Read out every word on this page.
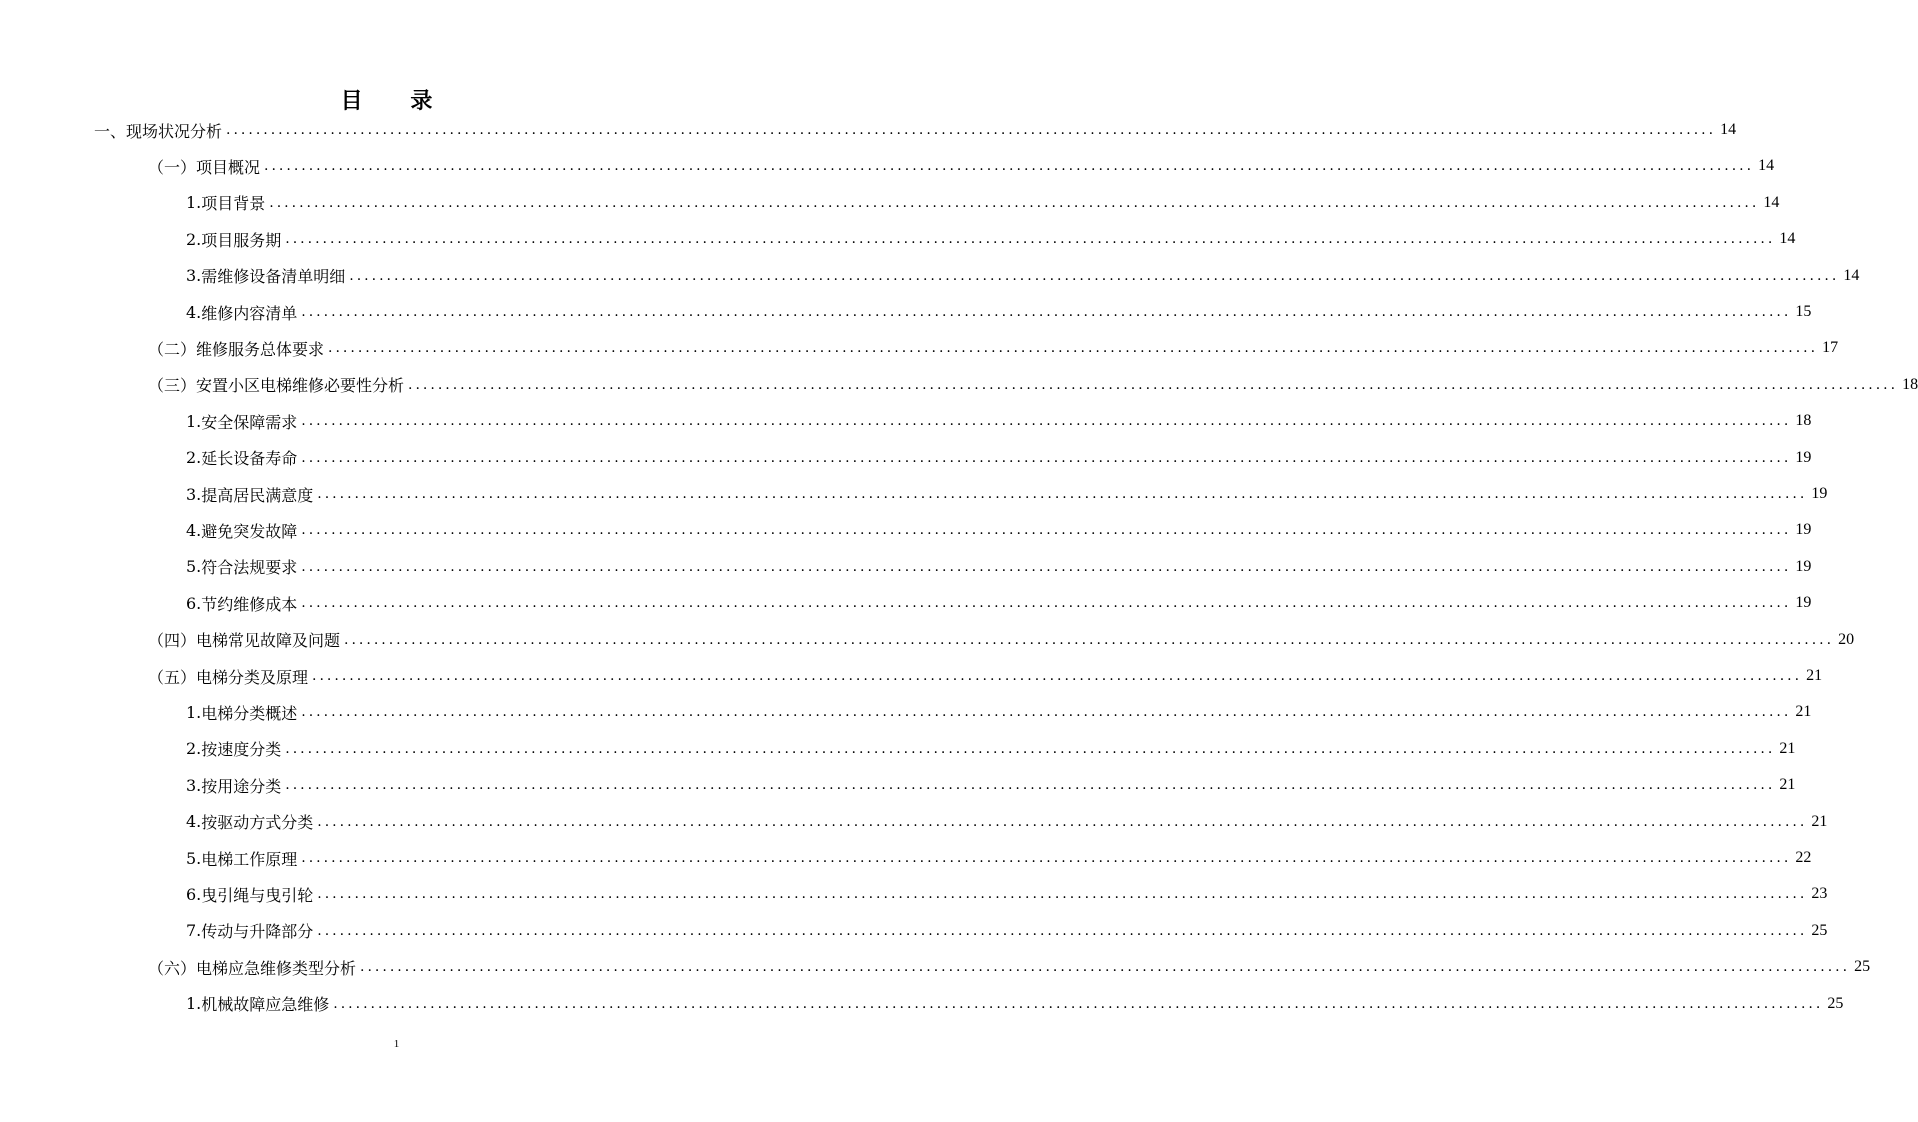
目 录
一、 现场状况分析 ........................................................................................................................................................................................................ 14
（一） 项目概况 ........................................................................................................................................................................................................ 14
1. 项目背景 ........................................................................................................................................................................................................ 14
2. 项目服务期 ........................................................................................................................................................................................................ 14
3. 需维修设备清单明细 ........................................................................................................................................................................................................ 14
4. 维修内容清单 ........................................................................................................................................................................................................ 15
（二） 维修服务总体要求 ........................................................................................................................................................................................................ 17
（三） 安置小区电梯维修必要性分析 ........................................................................................................................................................................................................ 18
1. 安全保障需求 ........................................................................................................................................................................................................ 18
2. 延长设备寿命 ........................................................................................................................................................................................................ 19
3. 提高居民满意度 ........................................................................................................................................................................................................ 19
4. 避免突发故障 ........................................................................................................................................................................................................ 19
5. 符合法规要求 ........................................................................................................................................................................................................ 19
6. 节约维修成本 ........................................................................................................................................................................................................ 19
（四） 电梯常见故障及问题 ........................................................................................................................................................................................................ 20
（五） 电梯分类及原理 ........................................................................................................................................................................................................ 21
1. 电梯分类概述 ........................................................................................................................................................................................................ 21
2. 按速度分类 ........................................................................................................................................................................................................ 21
3. 按用途分类 ........................................................................................................................................................................................................ 21
4. 按驱动方式分类 ........................................................................................................................................................................................................ 21
5. 电梯工作原理 ........................................................................................................................................................................................................ 22
6. 曳引绳与曳引轮 ........................................................................................................................................................................................................ 23
7. 传动与升降部分 ........................................................................................................................................................................................................ 25
（六） 电梯应急维修类型分析 ........................................................................................................................................................................................................ 25
1. 机械故障应急维修 ........................................................................................................................................................................................................ 25
1
